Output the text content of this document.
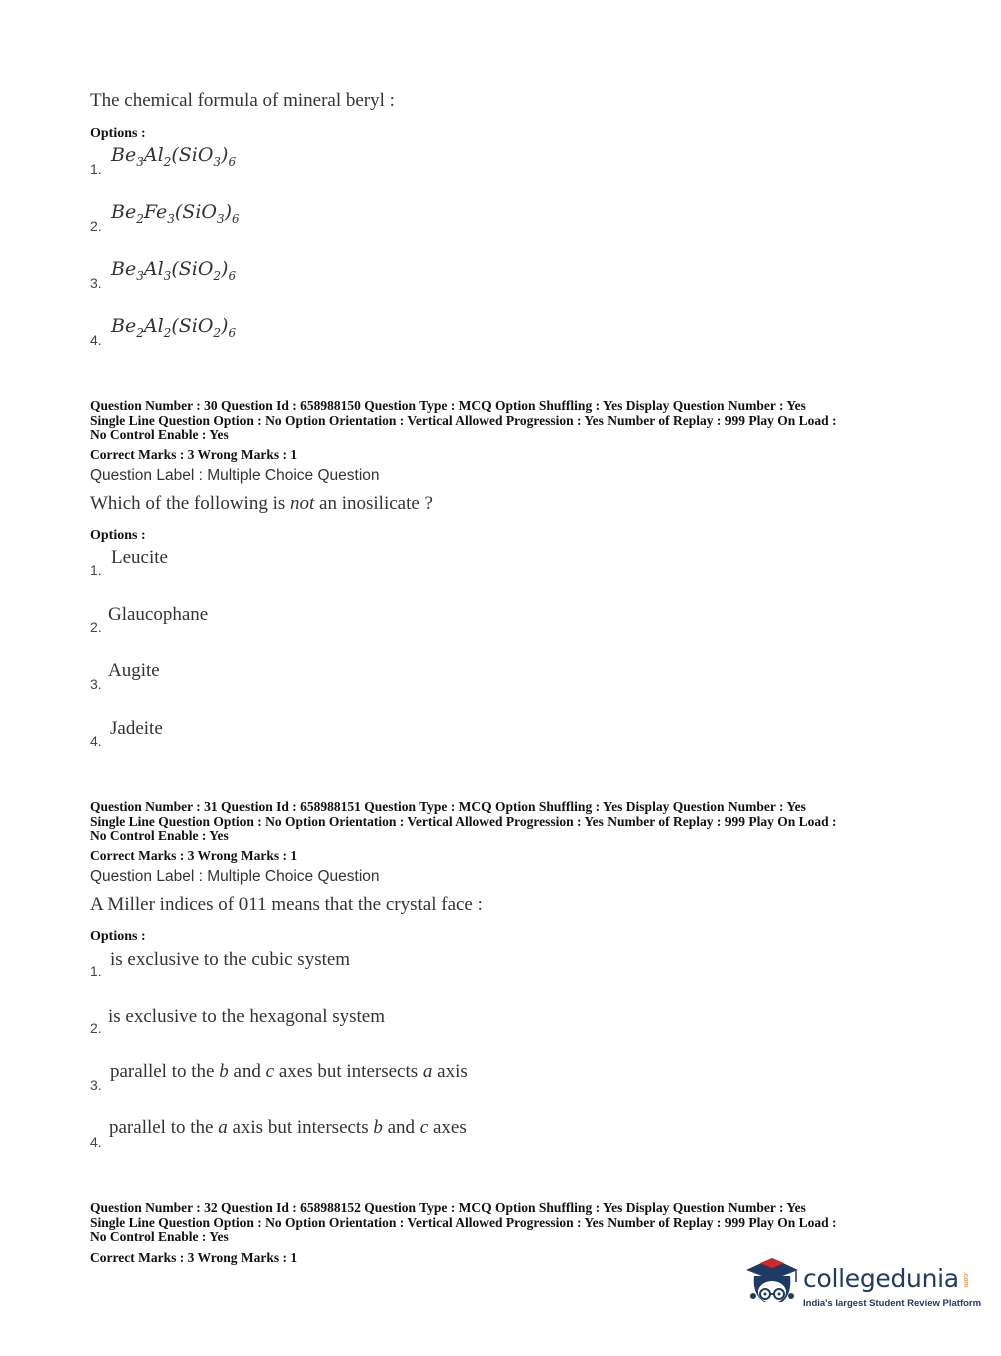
The chemical formula of mineral beryl :
Options :
1.
$Be_3Al_2(SiO_3)_6$
2.
$Be_2Fe_3(SiO_3)_6$
3.
$Be_3Al_3(SiO_2)_6$
4.
$Be_2Al_2(SiO_2)_6$
Question Number : 30 Question Id : 658988150 Question Type : MCQ Option Shuffling : Yes Display Question Number : Yes
Single Line Question Option : No Option Orientation : Vertical Allowed Progression : Yes Number of Replay : 999 Play On Load :
No Control Enable : Yes
Correct Marks : 3 Wrong Marks : 1
Question Label : Multiple Choice Question
Which of the following is not an inosilicate ?
Options :
1.
Leucite
2.
Glaucophane
3.
Augite
4.
Jadeite
Question Number : 31 Question Id : 658988151 Question Type : MCQ Option Shuffling : Yes Display Question Number : Yes
Single Line Question Option : No Option Orientation : Vertical Allowed Progression : Yes Number of Replay : 999 Play On Load :
No Control Enable : Yes
Correct Marks : 3 Wrong Marks : 1
Question Label : Multiple Choice Question
A Miller indices of 011 means that the crystal face :
Options :
1.
is exclusive to the cubic system
2.
is exclusive to the hexagonal system
3.
parallel to the b and c axes but intersects a axis
4.
parallel to the a axis but intersects b and c axes
Question Number : 32 Question Id : 658988152 Question Type : MCQ Option Shuffling : Yes Display Question Number : Yes
Single Line Question Option : No Option Orientation : Vertical Allowed Progression : Yes Number of Replay : 999 Play On Load :
No Control Enable : Yes
Correct Marks : 3 Wrong Marks : 1
collegedunia .com
India's largest Student Review Platform
